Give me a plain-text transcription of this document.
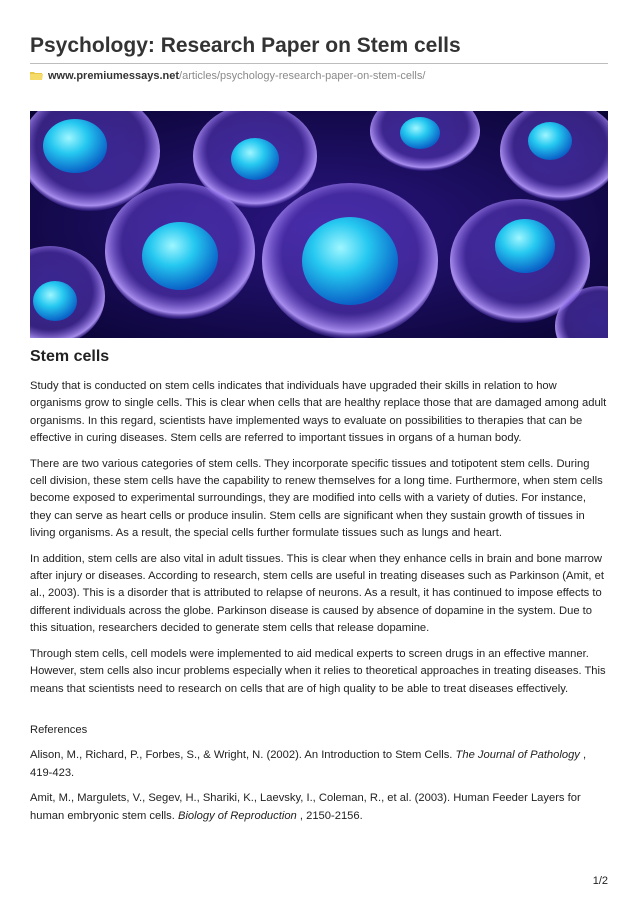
Psychology: Research Paper on Stem cells
www.premiumessays.net/articles/psychology-research-paper-on-stem-cells/
Stem cells

Study that is conducted on stem cells indicates that individuals have upgraded their skills in relation to how organisms grow to single cells. This is clear when cells that are healthy replace those that are damaged among adult organisms. In this regard, scientists have implemented ways to evaluate on possibilities to therapies that can be effective in curing diseases. Stem cells are referred to important tissues in organs of a human body.

There are two various categories of stem cells. They incorporate specific tissues and totipotent stem cells. During cell division, these stem cells have the capability to renew themselves for a long time. Furthermore, when stem cells become exposed to experimental surroundings, they are modified into cells with a variety of duties. For instance, they can serve as heart cells or produce insulin. Stem cells are significant when they sustain growth of tissues in living organisms. As a result, the special cells further formulate tissues such as lungs and heart.

In addition, stem cells are also vital in adult tissues. This is clear when they enhance cells in brain and bone marrow after injury or diseases. According to research, stem cells are useful in treating diseases such as Parkinson (Amit, et al., 2003). This is a disorder that is attributed to relapse of neurons. As a result, it has continued to impose effects to different individuals across the globe. Parkinson disease is caused by absence of dopamine in the system. Due to this situation, researchers decided to generate stem cells that release dopamine.

Through stem cells, cell models were implemented to aid medical experts to screen drugs in an effective manner. However, stem cells also incur problems especially when it relies to theoretical approaches in treating diseases. This means that scientists need to research on cells that are of high quality to be able to treat diseases effectively.

References

Alison, M., Richard, P., Forbes, S., & Wright, N. (2002). An Introduction to Stem Cells. The Journal of Pathology , 419-423.

Amit, M., Margulets, V., Segev, H., Shariki, K., Laevsky, I., Coleman, R., et al. (2003). Human Feeder Layers for human embryonic stem cells. Biology of Reproduction , 2150-2156.

1/2
